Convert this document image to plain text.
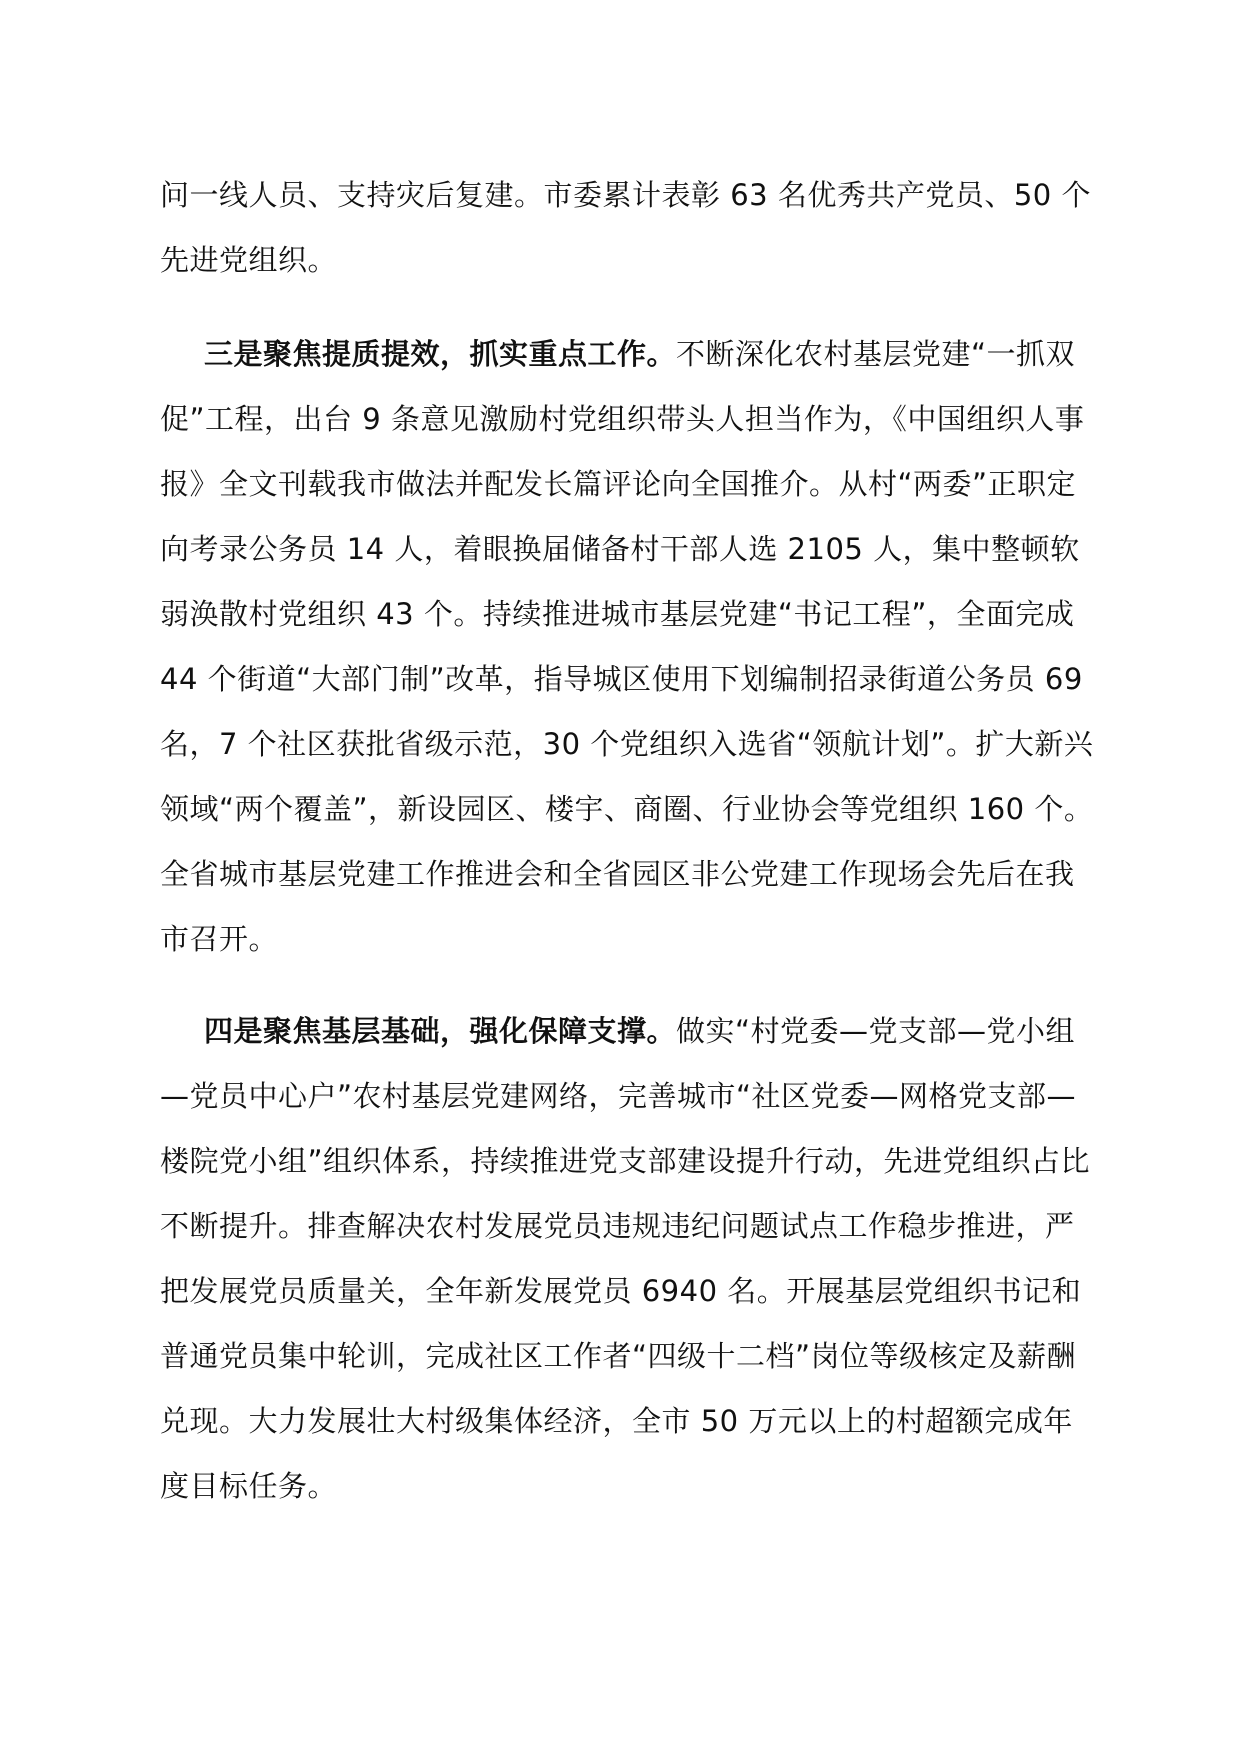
问一线人员、支持灾后复建。市委累计表彰 63 名优秀共产党员、50 个先进党组织。

三是聚焦提质提效，抓实重点工作。不断深化农村基层党建“一抓双促”工程，出台 9 条意见激励村党组织带头人担当作为，《中国组织人事报》全文刊载我市做法并配发长篇评论向全国推介。从村“两委”正职定向考录公务员 14 人，着眼换届储备村干部人选 2105 人，集中整顿软弱涣散村党组织 43 个。持续推进城市基层党建“书记工程”，全面完成 44 个街道“大部门制”改革，指导城区使用下划编制招录街道公务员 69 名，7 个社区获批省级示范，30 个党组织入选省“领航计划”。扩大新兴领域“两个覆盖”，新设园区、楼宇、商圈、行业协会等党组织 160 个。全省城市基层党建工作推进会和全省园区非公党建工作现场会先后在我市召开。

四是聚焦基层基础，强化保障支撑。做实“村党委—党支部—党小组—党员中心户”农村基层党建网络，完善城市“社区党委—网格党支部—楼院党小组”组织体系，持续推进党支部建设提升行动，先进党组织占比不断提升。排查解决农村发展党员违规违纪问题试点工作稳步推进，严把发展党员质量关，全年新发展党员 6940 名。开展基层党组织书记和普通党员集中轮训，完成社区工作者“四级十二档”岗位等级核定及薪酬兑现。大力发展壮大村级集体经济，全市 50 万元以上的村超额完成年度目标任务。
